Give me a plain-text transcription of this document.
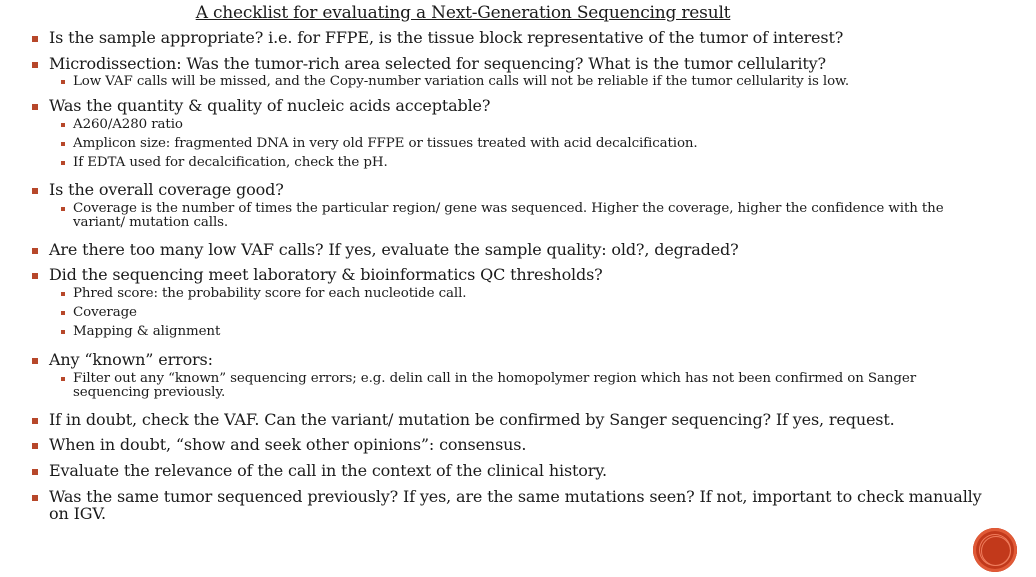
A checklist for evaluating a Next-Generation Sequencing result
Is the sample appropriate? i.e. for FFPE, is the tissue block representative of the tumor of interest?
Microdissection: Was the tumor-rich area selected for sequencing? What is the tumor cellularity?
Low VAF calls will be missed, and the Copy-number variation calls will not be reliable if the tumor cellularity is low.
Was the quantity & quality of nucleic acids acceptable?
A260/A280 ratio
Amplicon size: fragmented DNA in very old FFPE or tissues treated with acid decalcification.
If EDTA used for decalcification, check the pH.
Is the overall coverage good?
Coverage is the number of times the particular region/ gene was sequenced. Higher the coverage, higher the confidence with the variant/ mutation calls.
Are there too many low VAF calls? If yes, evaluate the sample quality: old?, degraded?
Did the sequencing meet laboratory & bioinformatics QC thresholds?
Phred score: the probability score for each nucleotide call.
Coverage
Mapping & alignment
Any “known” errors:
Filter out any “known” sequencing errors; e.g. delin call in the homopolymer region which has not been confirmed on Sanger sequencing previously.
If in doubt, check the VAF. Can the variant/ mutation be confirmed by Sanger sequencing? If yes, request.
When in doubt, “show and seek other opinions”: consensus.
Evaluate the relevance of the call in the context of the clinical history.
Was the same tumor sequenced previously? If yes, are the same mutations seen? If not, important to check manually on IGV.
